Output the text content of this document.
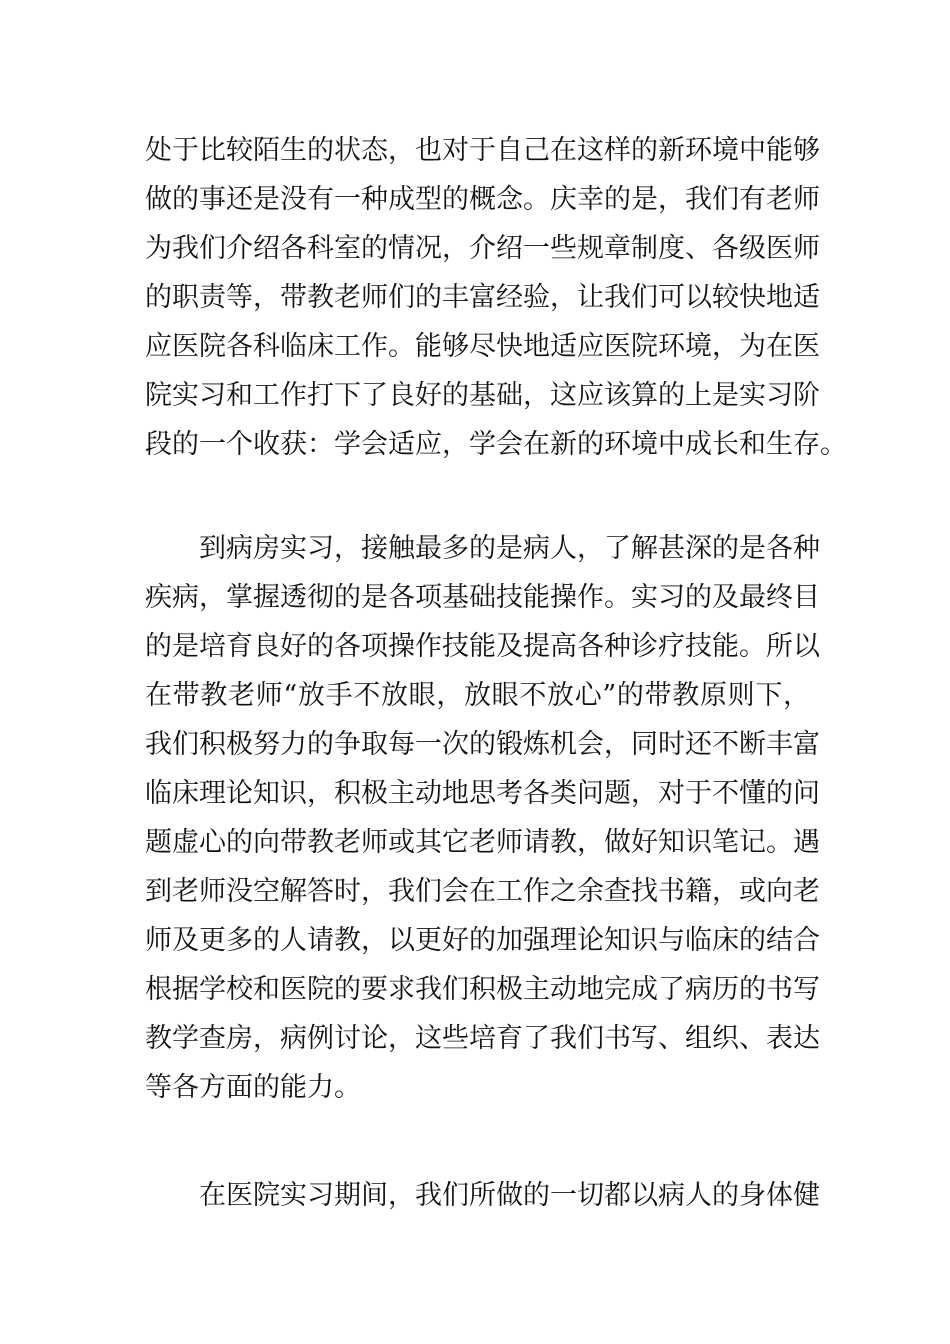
处于比较陌生的状态，也对于自己在这样的新环境中能够
做的事还是没有一种成型的概念。庆幸的是，我们有老师
为我们介绍各科室的情况，介绍一些规章制度、各级医师
的职责等，带教老师们的丰富经验，让我们可以较快地适
应医院各科临床工作。能够尽快地适应医院环境，为在医
院实习和工作打下了良好的基础，这应该算的上是实习阶
段的一个收获：学会适应，学会在新的环境中成长和生存。
到病房实习，接触最多的是病人，了解甚深的是各种
疾病，掌握透彻的是各项基础技能操作。实习的及最终目
的是培育良好的各项操作技能及提高各种诊疗技能。所以
在带教老师“放手不放眼，放眼不放心”的带教原则下，
我们积极努力的争取每一次的锻炼机会，同时还不断丰富
临床理论知识，积极主动地思考各类问题，对于不懂的问
题虚心的向带教老师或其它老师请教，做好知识笔记。遇
到老师没空解答时，我们会在工作之余查找书籍，或向老
师及更多的人请教，以更好的加强理论知识与临床的结合
根据学校和医院的要求我们积极主动地完成了病历的书写
教学查房，病例讨论，这些培育了我们书写、组织、表达
等各方面的能力。
在医院实习期间，我们所做的一切都以病人的身体健
